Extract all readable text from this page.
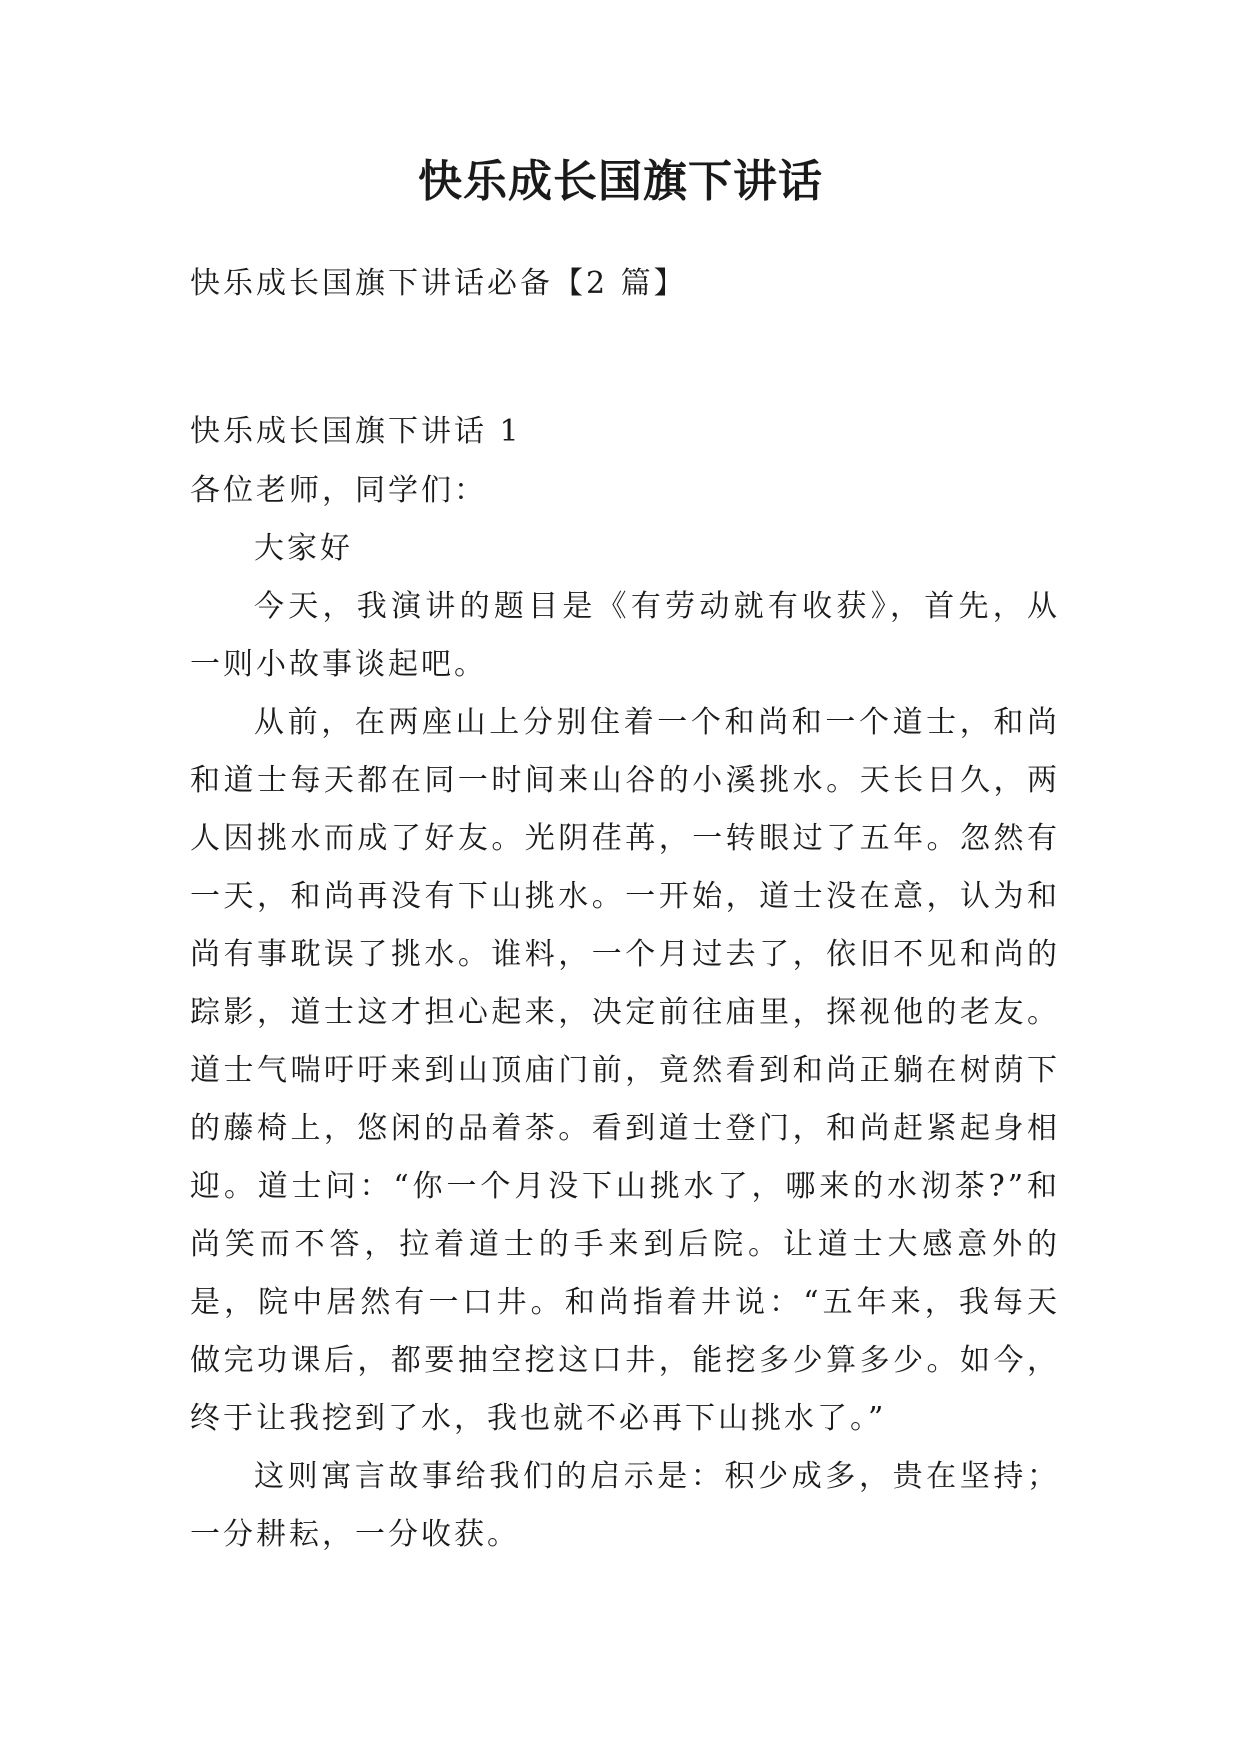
快乐成长国旗下讲话
快乐成长国旗下讲话必备【2 篇】
快乐成长国旗下讲话 1
各位老师，同学们：
大家好

今天，我演讲的题目是《有劳动就有收获》，首先，从一则小故事谈起吧。

从前，在两座山上分别住着一个和尚和一个道士，和尚和道士每天都在同一时间来山谷的小溪挑水。天长日久，两人因挑水而成了好友。光阴荏苒，一转眼过了五年。忽然有一天，和尚再没有下山挑水。一开始，道士没在意，认为和尚有事耽误了挑水。谁料，一个月过去了，依旧不见和尚的踪影，道士这才担心起来，决定前往庙里，探视他的老友。道士气喘吁吁来到山顶庙门前，竟然看到和尚正躺在树荫下的藤椅上，悠闲的品着茶。看到道士登门，和尚赶紧起身相迎。道士问：“你一个月没下山挑水了，哪来的水沏茶?”和尚笑而不答，拉着道士的手来到后院。让道士大感意外的是，院中居然有一口井。和尚指着井说：“五年来，我每天做完功课后，都要抽空挖这口井，能挖多少算多少。如今，终于让我挖到了水，我也就不必再下山挑水了。”

这则寓言故事给我们的启示是：积少成多，贵在坚持；一分耕耘，一分收获。
